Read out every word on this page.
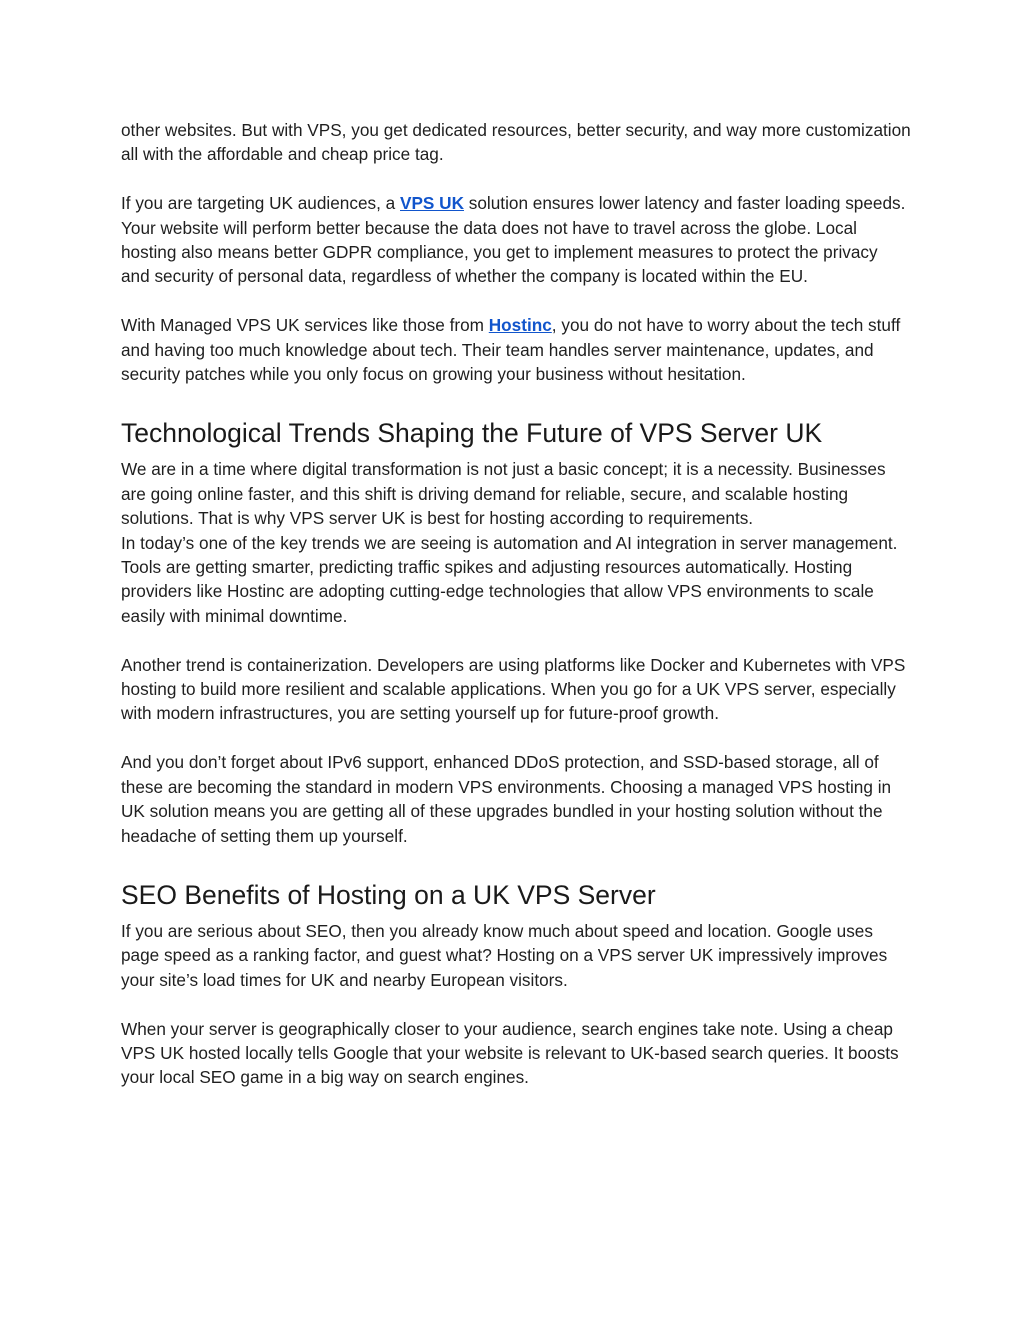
other websites. But with VPS, you get dedicated resources, better security, and way more customization all with the affordable and cheap price tag.

If you are targeting UK audiences, a VPS UK solution ensures lower latency and faster loading speeds. Your website will perform better because the data does not have to travel across the globe. Local hosting also means better GDPR compliance, you get to implement measures to protect the privacy and security of personal data, regardless of whether the company is located within the EU.

With Managed VPS UK services like those from Hostinc, you do not have to worry about the tech stuff and having too much knowledge about tech. Their team handles server maintenance, updates, and security patches while you only focus on growing your business without hesitation.

Technological Trends Shaping the Future of VPS Server UK

We are in a time where digital transformation is not just a basic concept; it is a necessity. Businesses are going online faster, and this shift is driving demand for reliable, secure, and scalable hosting solutions. That is why VPS server UK is best for hosting according to requirements.

In today’s one of the key trends we are seeing is automation and AI integration in server management. Tools are getting smarter, predicting traffic spikes and adjusting resources automatically. Hosting providers like Hostinc are adopting cutting-edge technologies that allow VPS environments to scale easily with minimal downtime.

Another trend is containerization. Developers are using platforms like Docker and Kubernetes with VPS hosting to build more resilient and scalable applications. When you go for a UK VPS server, especially with modern infrastructures, you are setting yourself up for future-proof growth.

And you don’t forget about IPv6 support, enhanced DDoS protection, and SSD-based storage, all of these are becoming the standard in modern VPS environments. Choosing a managed VPS hosting in UK solution means you are getting all of these upgrades bundled in your hosting solution without the headache of setting them up yourself.

SEO Benefits of Hosting on a UK VPS Server

If you are serious about SEO, then you already know much about speed and location. Google uses page speed as a ranking factor, and guest what? Hosting on a VPS server UK impressively improves your site’s load times for UK and nearby European visitors.

When your server is geographically closer to your audience, search engines take note. Using a cheap VPS UK hosted locally tells Google that your website is relevant to UK-based search queries. It boosts your local SEO game in a big way on search engines.
